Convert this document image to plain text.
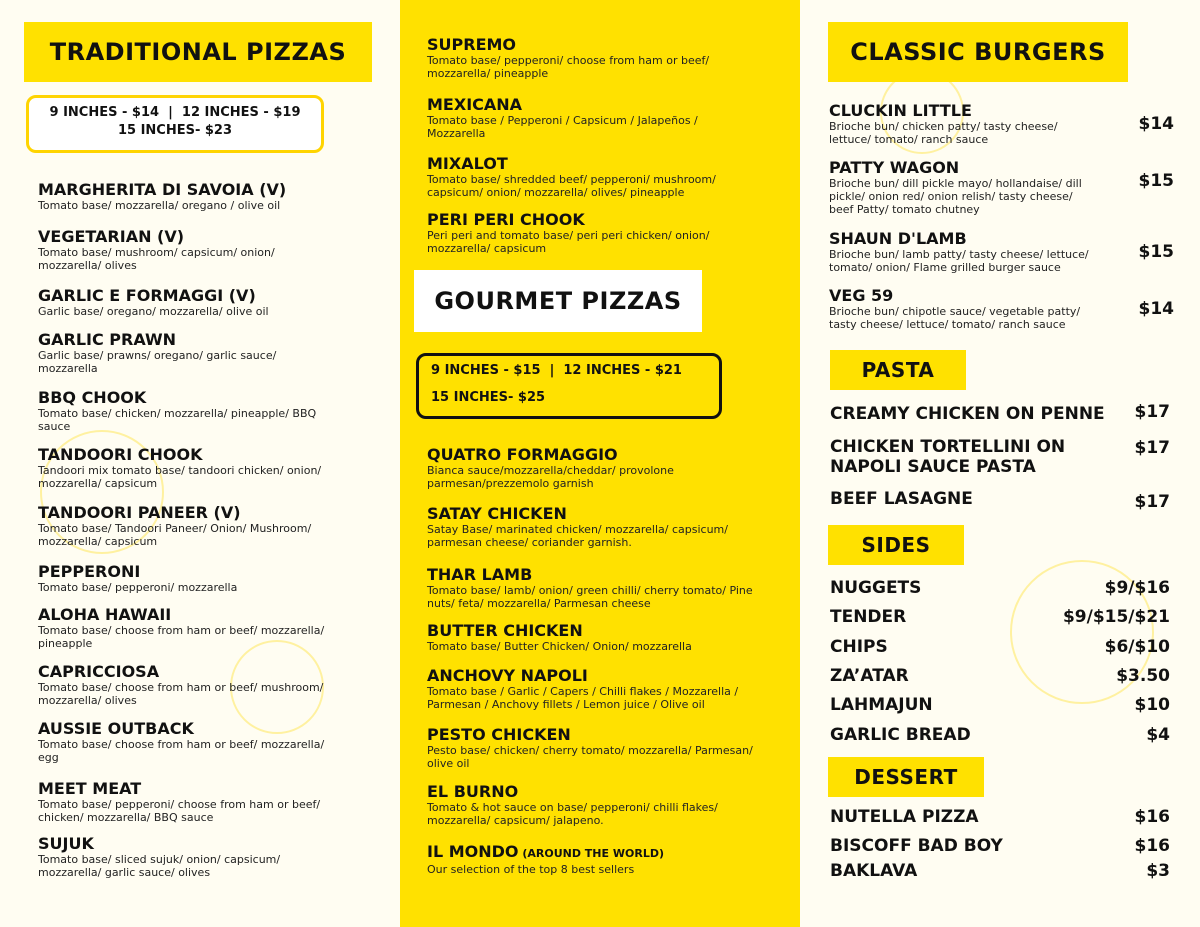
TRADITIONAL PIZZAS
9 INCHES - $14  |  12 INCHES - $19
15 INCHES- $23
MARGHERITA DI SAVOIA (V)
Tomato base/ mozzarella/ oregano / olive oil
VEGETARIAN (V)
Tomato base/ mushroom/ capsicum/ onion/ mozzarella/ olives
GARLIC E FORMAGGI (V)
Garlic base/ oregano/ mozzarella/ olive oil
GARLIC PRAWN
Garlic base/ prawns/ oregano/ garlic sauce/ mozzarella
BBQ CHOOK
Tomato base/ chicken/ mozzarella/ pineapple/ BBQ sauce
TANDOORI CHOOK
Tandoori mix tomato base/ tandoori chicken/ onion/ mozzarella/ capsicum
TANDOORI PANEER (V)
Tomato base/ Tandoori Paneer/ Onion/ Mushroom/ mozzarella/ capsicum
PEPPERONI
Tomato base/ pepperoni/ mozzarella
ALOHA HAWAII
Tomato base/ choose from ham or beef/ mozzarella/ pineapple
CAPRICCIOSA
Tomato base/ choose from ham or beef/ mushroom/ mozzarella/ olives
AUSSIE OUTBACK
Tomato base/ choose from ham or beef/ mozzarella/ egg
MEET MEAT
Tomato base/ pepperoni/ choose from ham or beef/ chicken/ mozzarella/ BBQ sauce
SUJUK
Tomato base/ sliced sujuk/ onion/ capsicum/ mozzarella/ garlic sauce/ olives
SUPREMO
Tomato base/ pepperoni/ choose from ham or beef/ mozzarella/ pineapple
MEXICANA
Tomato base / Pepperoni / Capsicum / Jalapeños / Mozzarella
MIXALOT
Tomato base/ shredded beef/ pepperoni/ mushroom/ capsicum/ onion/ mozzarella/ olives/ pineapple
PERI PERI CHOOK
Peri peri and tomato base/ peri peri chicken/ onion/ mozzarella/ capsicum
GOURMET PIZZAS
9 INCHES - $15  |  12 INCHES - $21
15 INCHES- $25
QUATRO FORMAGGIO
Bianca sauce/mozzarella/cheddar/ provolone parmesan/prezzemolo garnish
SATAY CHICKEN
Satay Base/ marinated chicken/ mozzarella/ capsicum/ parmesan cheese/ coriander garnish.
THAR LAMB
Tomato base/ lamb/ onion/ green chilli/ cherry tomato/ Pine nuts/ feta/ mozzarella/ Parmesan cheese
BUTTER CHICKEN
Tomato base/ Butter Chicken/ Onion/ mozzarella
ANCHOVY NAPOLI
Tomato base / Garlic / Capers / Chilli flakes / Mozzarella / Parmesan / Anchovy fillets / Lemon juice / Olive oil
PESTO CHICKEN
Pesto base/ chicken/ cherry tomato/ mozzarella/ Parmesan/ olive oil
EL BURNO
Tomato & hot sauce on base/ pepperoni/ chilli flakes/ mozzarella/ capsicum/ jalapeno.
IL MONDO (AROUND THE WORLD)
Our selection of the top 8 best sellers
CLASSIC BURGERS
CLUCKIN LITTLE
Brioche bun/ chicken patty/ tasty cheese/ lettuce/ tomato/ ranch sauce
$14
PATTY WAGON
Brioche bun/ dill pickle mayo/ hollandaise/ dill pickle/ onion red/ onion relish/ tasty cheese/ beef Patty/ tomato chutney
$15
SHAUN D'LAMB
Brioche bun/ lamb patty/ tasty cheese/ lettuce/ tomato/ onion/ Flame grilled burger sauce
$15
VEG 59
Brioche bun/ chipotle sauce/ vegetable patty/ tasty cheese/ lettuce/ tomato/ ranch sauce
$14
PASTA
CREAMY CHICKEN ON PENNE	$17
CHICKEN TORTELLINI ON
NAPOLI SAUCE PASTA
$17
BEEF LASAGNE	$17
SIDES
NUGGETS	$9/$16
TENDER	$9/$15/$21
CHIPS	$6/$10
ZA’ATAR	$3.50
LAHMAJUN	$10
GARLIC BREAD	$4
DESSERT
NUTELLA PIZZA	$16
BISCOFF BAD BOY	$16
BAKLAVA	$3
